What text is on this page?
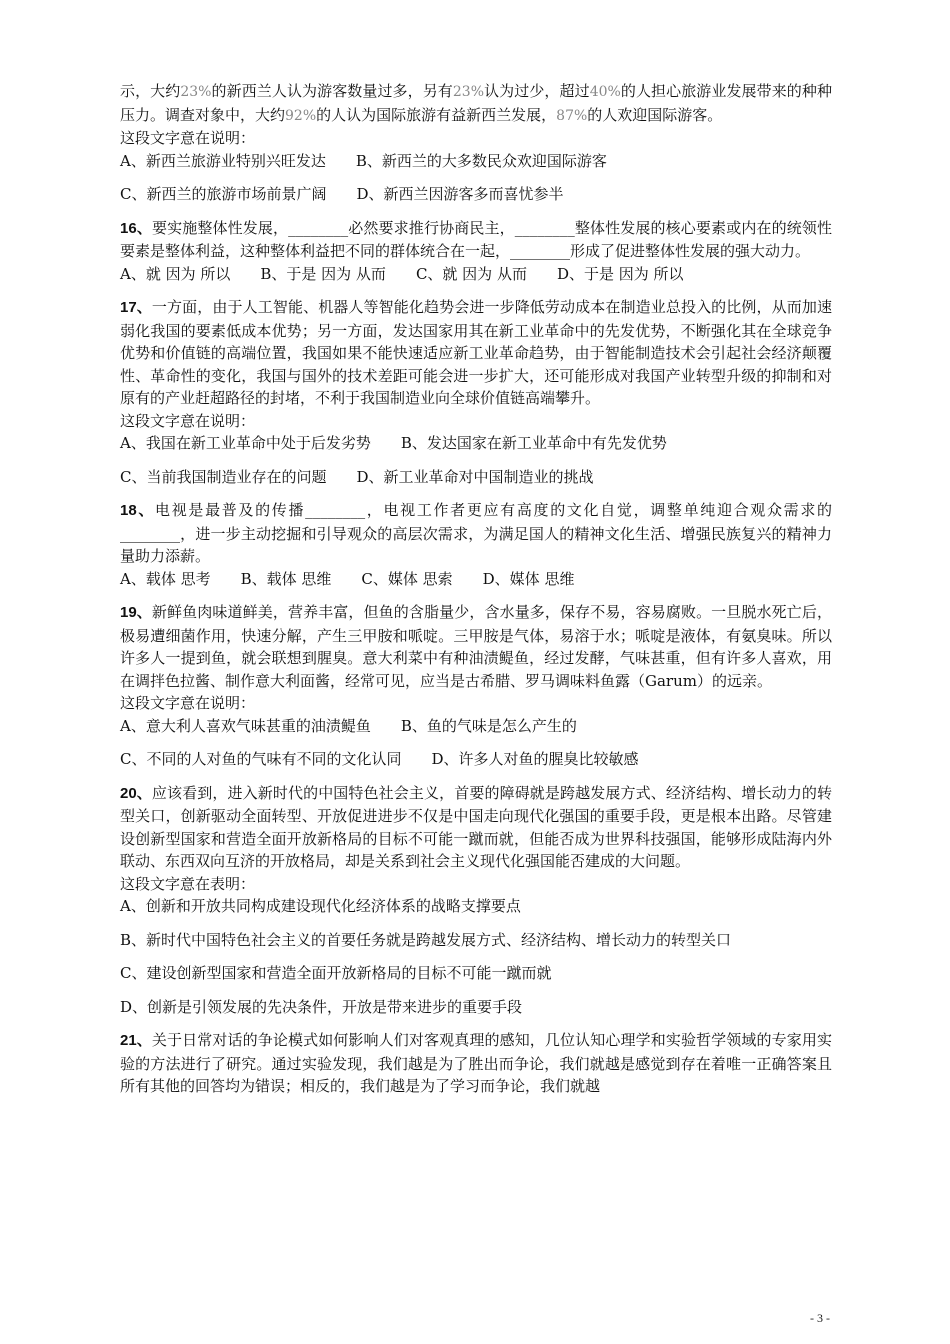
示，大约23%的新西兰人认为游客数量过多，另有23%认为过少，超过40%的人担心旅游业发展带来的种种压力。调查对象中，大约92%的人认为国际旅游有益新西兰发展，87%的人欢迎国际游客。

这段文字意在说明：

A、新西兰旅游业特别兴旺发达 B、新西兰的大多数民众欢迎国际游客

C、新西兰的旅游市场前景广阔 D、新西兰因游客多而喜忧参半

16、要实施整体性发展，________必然要求推行协商民主，________整体性发展的核心要素或内在的统领性要素是整体利益，这种整体利益把不同的群体统合在一起，________形成了促进整体性发展的强大动力。

A、就 因为 所以 B、于是 因为 从而 C、就 因为 从而 D、于是 因为 所以

17、一方面，由于人工智能、机器人等智能化趋势会进一步降低劳动成本在制造业总投入的比例，从而加速弱化我国的要素低成本优势；另一方面，发达国家用其在新工业革命中的先发优势，不断强化其在全球竞争优势和价值链的高端位置，我国如果不能快速适应新工业革命趋势，由于智能制造技术会引起社会经济颠覆性、革命性的变化，我国与国外的技术差距可能会进一步扩大，还可能形成对我国产业转型升级的抑制和对原有的产业赶超路径的封堵，不利于我国制造业向全球价值链高端攀升。

这段文字意在说明：

A、我国在新工业革命中处于后发劣势 B、发达国家在新工业革命中有先发优势

C、当前我国制造业存在的问题 D、新工业革命对中国制造业的挑战

18、电视是最普及的传播________，电视工作者更应有高度的文化自觉，调整单纯迎合观众需求的________，进一步主动挖掘和引导观众的高层次需求，为满足国人的精神文化生活、增强民族复兴的精神力量助力添薪。

A、载体 思考 B、载体 思维 C、媒体 思索 D、媒体 思维

19、新鲜鱼肉味道鲜美，营养丰富，但鱼的含脂量少，含水量多，保存不易，容易腐败。一旦脱水死亡后，极易遭细菌作用，快速分解，产生三甲胺和哌啶。三甲胺是气体，易溶于水；哌啶是液体，有氨臭味。所以许多人一提到鱼，就会联想到腥臭。意大利菜中有种油渍鳀鱼，经过发酵，气味甚重，但有许多人喜欢，用在调拌色拉酱、制作意大利面酱，经常可见，应当是古希腊、罗马调味料鱼露（Garum）的远亲。

这段文字意在说明：

A、意大利人喜欢气味甚重的油渍鳀鱼 B、鱼的气味是怎么产生的

C、不同的人对鱼的气味有不同的文化认同 D、许多人对鱼的腥臭比较敏感

20、应该看到，进入新时代的中国特色社会主义，首要的障碍就是跨越发展方式、经济结构、增长动力的转型关口，创新驱动全面转型、开放促进进步不仅是中国走向现代化强国的重要手段，更是根本出路。尽管建设创新型国家和营造全面开放新格局的目标不可能一蹴而就，但能否成为世界科技强国，能够形成陆海内外联动、东西双向互济的开放格局，却是关系到社会主义现代化强国能否建成的大问题。

这段文字意在表明：

A、创新和开放共同构成建设现代化经济体系的战略支撑要点

B、新时代中国特色社会主义的首要任务就是跨越发展方式、经济结构、增长动力的转型关口

C、建设创新型国家和营造全面开放新格局的目标不可能一蹴而就

D、创新是引领发展的先决条件，开放是带来进步的重要手段

21、关于日常对话的争论模式如何影响人们对客观真理的感知，几位认知心理学和实验哲学领域的专家用实验的方法进行了研究。通过实验发现，我们越是为了胜出而争论，我们就越是感觉到存在着唯一正确答案且所有其他的回答均为错误；相反的，我们越是为了学习而争论，我们就越

- 3 -
